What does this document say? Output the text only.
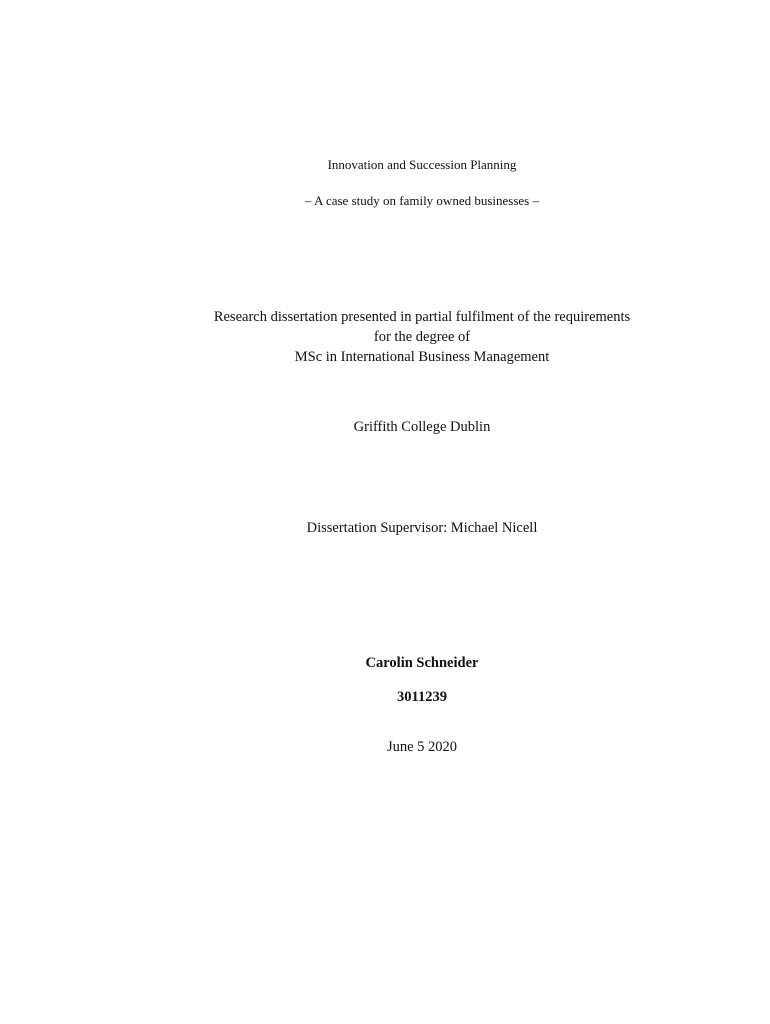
Innovation and Succession Planning
– A case study on family owned businesses –
Research dissertation presented in partial fulfilment of the requirements
for the degree of
MSc in International Business Management
Griffith College Dublin
Dissertation Supervisor: Michael Nicell
Carolin Schneider
3011239
June 5 2020
